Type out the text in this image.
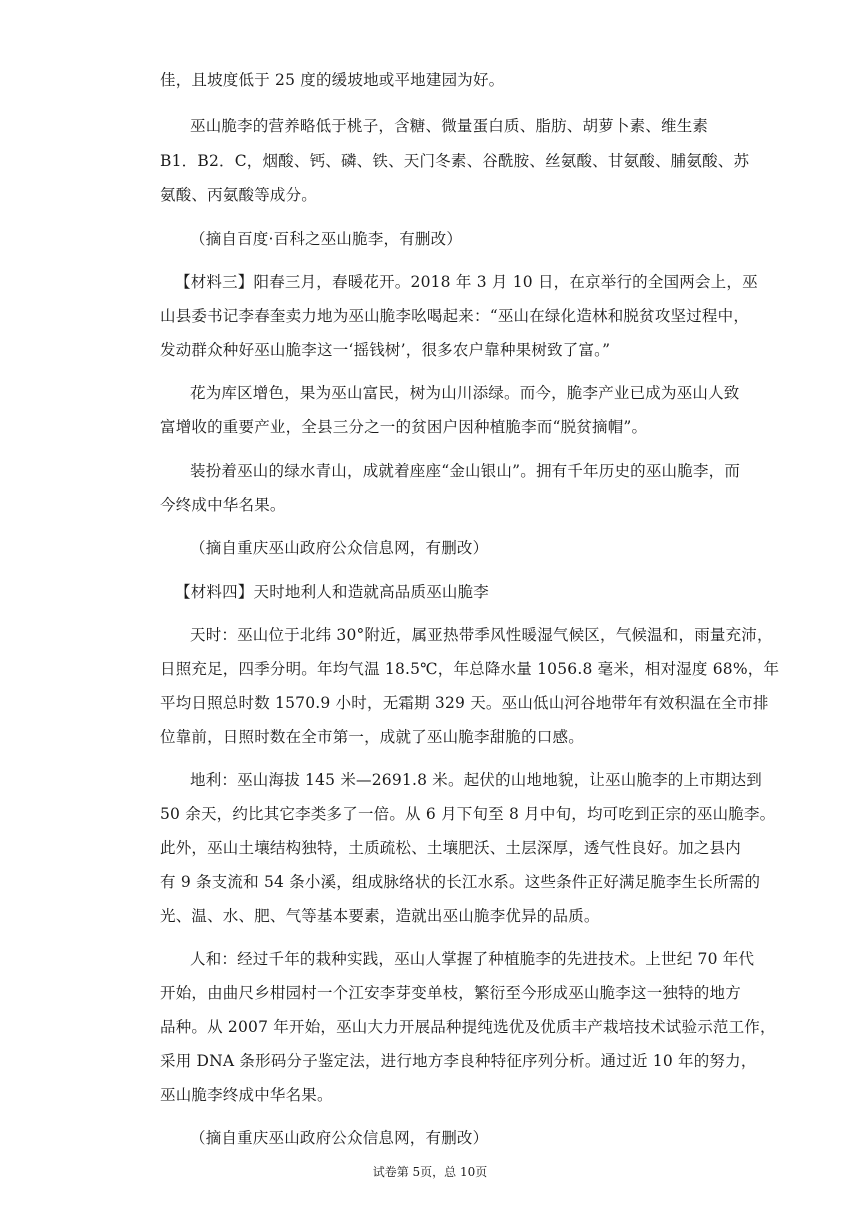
佳，且坡度低于 25 度的缓坡地或平地建园为好。
巫山脆李的营养略低于桃子，含糖、微量蛋白质、脂肪、胡萝卜素、维生素
B1．B2．C，烟酸、钙、磷、铁、天门冬素、谷酰胺、丝氨酸、甘氨酸、脯氨酸、苏
氨酸、丙氨酸等成分。
（摘自百度·百科之巫山脆李，有删改）
【材料三】阳春三月，春暖花开。2018 年 3 月 10 日，在京举行的全国两会上，巫
山县委书记李春奎卖力地为巫山脆李吆喝起来：“巫山在绿化造林和脱贫攻坚过程中，
发动群众种好巫山脆李这一‘摇钱树’，很多农户靠种果树致了富。”
花为库区增色，果为巫山富民，树为山川添绿。而今，脆李产业已成为巫山人致
富增收的重要产业，全县三分之一的贫困户因种植脆李而“脱贫摘帽”。
装扮着巫山的绿水青山，成就着座座“金山银山”。拥有千年历史的巫山脆李，而
今终成中华名果。
（摘自重庆巫山政府公众信息网，有删改）
【材料四】天时地利人和造就高品质巫山脆李
天时：巫山位于北纬 30°附近，属亚热带季风性暖湿气候区，气候温和，雨量充沛，
日照充足，四季分明。年均气温 18.5℃，年总降水量 1056.8 毫米，相对湿度 68%，年
平均日照总时数 1570.9 小时，无霜期 329 天。巫山低山河谷地带年有效积温在全市排
位靠前，日照时数在全市第一，成就了巫山脆李甜脆的口感。
地利：巫山海拔 145 米—2691.8 米。起伏的山地地貌，让巫山脆李的上市期达到
50 余天，约比其它李类多了一倍。从 6 月下旬至 8 月中旬，均可吃到正宗的巫山脆李。
此外，巫山土壤结构独特，土质疏松、土壤肥沃、土层深厚，透气性良好。加之县内
有 9 条支流和 54 条小溪，组成脉络状的长江水系。这些条件正好满足脆李生长所需的
光、温、水、肥、气等基本要素，造就出巫山脆李优异的品质。
人和：经过千年的栽种实践，巫山人掌握了种植脆李的先进技术。上世纪 70 年代
开始，由曲尺乡柑园村一个江安李芽变单枝，繁衍至今形成巫山脆李这一独特的地方
品种。从 2007 年开始，巫山大力开展品种提纯选优及优质丰产栽培技术试验示范工作，
采用 DNA 条形码分子鉴定法，进行地方李良种特征序列分析。通过近 10 年的努力，
巫山脆李终成中华名果。
（摘自重庆巫山政府公众信息网，有删改）
试卷第 5页，总 10页
